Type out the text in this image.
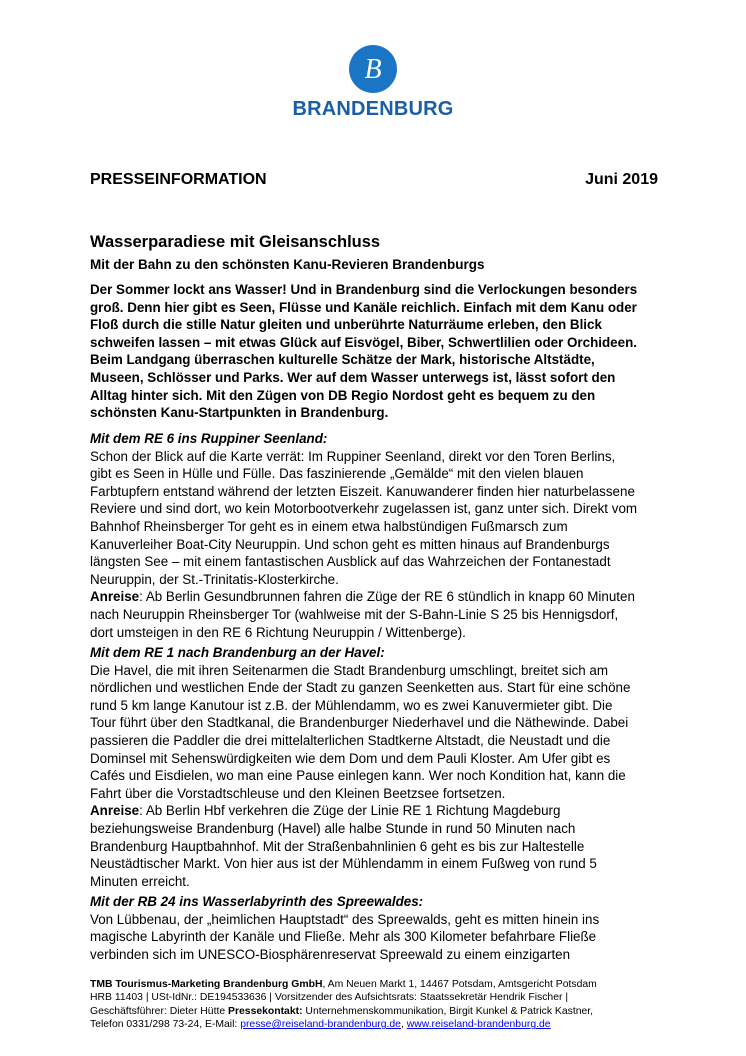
B
BRANDENBURG
PRESSEINFORMATION	Juni 2019
Wasserparadiese mit Gleisanschluss
Mit der Bahn zu den schönsten Kanu-Revieren Brandenburgs
Der Sommer lockt ans Wasser! Und in Brandenburg sind die Verlockungen besonders
groß. Denn hier gibt es Seen, Flüsse und Kanäle reichlich. Einfach mit dem Kanu oder
Floß durch die stille Natur gleiten und unberührte Naturräume erleben, den Blick
schweifen lassen – mit etwas Glück auf Eisvögel, Biber, Schwertlilien oder Orchideen.
Beim Landgang überraschen kulturelle Schätze der Mark, historische Altstädte,
Museen, Schlösser und Parks. Wer auf dem Wasser unterwegs ist, lässt sofort den
Alltag hinter sich. Mit den Zügen von DB Regio Nordost geht es bequem zu den
schönsten Kanu-Startpunkten in Brandenburg.
Mit dem RE 6 ins Ruppiner Seenland:
Schon der Blick auf die Karte verrät: Im Ruppiner Seenland, direkt vor den Toren Berlins,
gibt es Seen in Hülle und Fülle. Das faszinierende „Gemälde“ mit den vielen blauen
Farbtupfern entstand während der letzten Eiszeit. Kanuwanderer finden hier naturbelassene
Reviere und sind dort, wo kein Motorbootverkehr zugelassen ist, ganz unter sich. Direkt vom
Bahnhof Rheinsberger Tor geht es in einem etwa halbstündigen Fußmarsch zum
Kanuverleiher Boat-City Neuruppin. Und schon geht es mitten hinaus auf Brandenburgs
längsten See – mit einem fantastischen Ausblick auf das Wahrzeichen der Fontanestadt
Neuruppin, der St.-Trinitatis-Klosterkirche.
Anreise: Ab Berlin Gesundbrunnen fahren die Züge der RE 6 stündlich in knapp 60 Minuten
nach Neuruppin Rheinsberger Tor (wahlweise mit der S-Bahn-Linie S 25 bis Hennigsdorf,
dort umsteigen in den RE 6 Richtung Neuruppin / Wittenberge).
Mit dem RE 1 nach Brandenburg an der Havel:
Die Havel, die mit ihren Seitenarmen die Stadt Brandenburg umschlingt, breitet sich am
nördlichen und westlichen Ende der Stadt zu ganzen Seenketten aus. Start für eine schöne
rund 5 km lange Kanutour ist z.B. der Mühlendamm, wo es zwei Kanuvermieter gibt. Die
Tour führt über den Stadtkanal, die Brandenburger Niederhavel und die Näthewinde. Dabei
passieren die Paddler die drei mittelalterlichen Stadtkerne Altstadt, die Neustadt und die
Dominsel mit Sehenswürdigkeiten wie dem Dom und dem Pauli Kloster. Am Ufer gibt es
Cafés und Eisdielen, wo man eine Pause einlegen kann. Wer noch Kondition hat, kann die
Fahrt über die Vorstadtschleuse und den Kleinen Beetzsee fortsetzen.
Anreise: Ab Berlin Hbf verkehren die Züge der Linie RE 1 Richtung Magdeburg
beziehungsweise Brandenburg (Havel) alle halbe Stunde in rund 50 Minuten nach
Brandenburg Hauptbahnhof. Mit der Straßenbahnlinien 6 geht es bis zur Haltestelle
Neustädtischer Markt. Von hier aus ist der Mühlendamm in einem Fußweg von rund 5
Minuten erreicht.
Mit der RB 24 ins Wasserlabyrinth des Spreewaldes:
Von Lübbenau, der „heimlichen Hauptstadt“ des Spreewalds, geht es mitten hinein ins
magische Labyrinth der Kanäle und Fließe. Mehr als 300 Kilometer befahrbare Fließe
verbinden sich im UNESCO-Biosphärenreservat Spreewald zu einem einzigarten
TMB Tourismus-Marketing Brandenburg GmbH, Am Neuen Markt 1, 14467 Potsdam, Amtsgericht Potsdam
HRB 11403 | USt-IdNr.: DE194533636 | Vorsitzender des Aufsichtsrats: Staatssekretär Hendrik Fischer |
Geschäftsführer: Dieter Hütte Pressekontakt: Unternehmenskommunikation, Birgit Kunkel & Patrick Kastner,
Telefon 0331/298 73-24, E-Mail: presse@reiseland-brandenburg.de, www.reiseland-brandenburg.de
